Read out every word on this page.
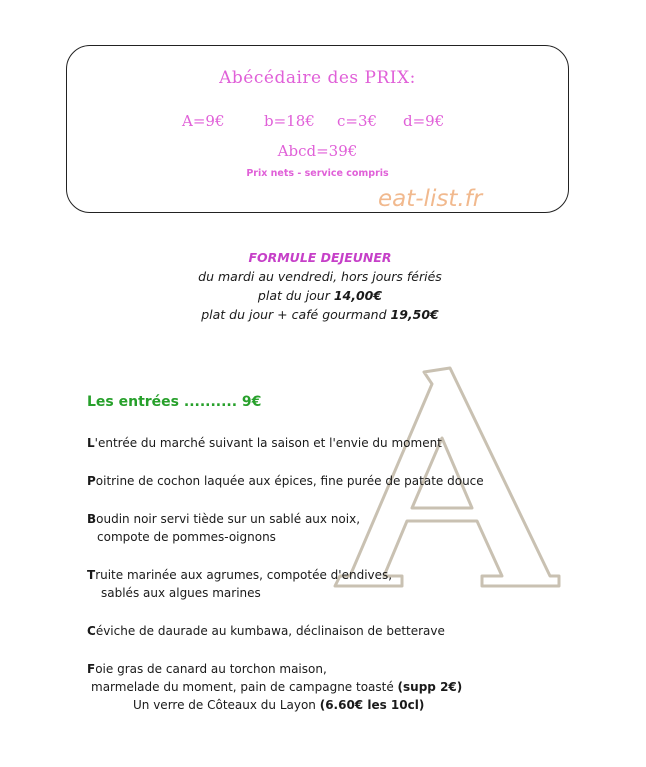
Abécédaire des PRIX:
A=9€	b=18€ c=3€ d=9€
Abcd=39€
Prix nets - service compris
eat-list.fr
FORMULE DEJEUNER
du mardi au vendredi, hors jours fériés
plat du jour 14,00€
plat du jour + café gourmand 19,50€
Les entrées .......... 9€
L'entrée du marché suivant la saison et l'envie du moment
Poitrine de cochon laquée aux épices, fine purée de patate douce
Boudin noir servi tiède sur un sablé aux noix,
compote de pommes-oignons
Truite marinée aux agrumes, compotée d'endives,
sablés aux algues marines
Céviche de daurade au kumbawa, déclinaison de betterave
Foie gras de canard au torchon maison,
marmelade du moment, pain de campagne toasté (supp 2€)
Un verre de Côteaux du Layon (6.60€ les 10cl)
